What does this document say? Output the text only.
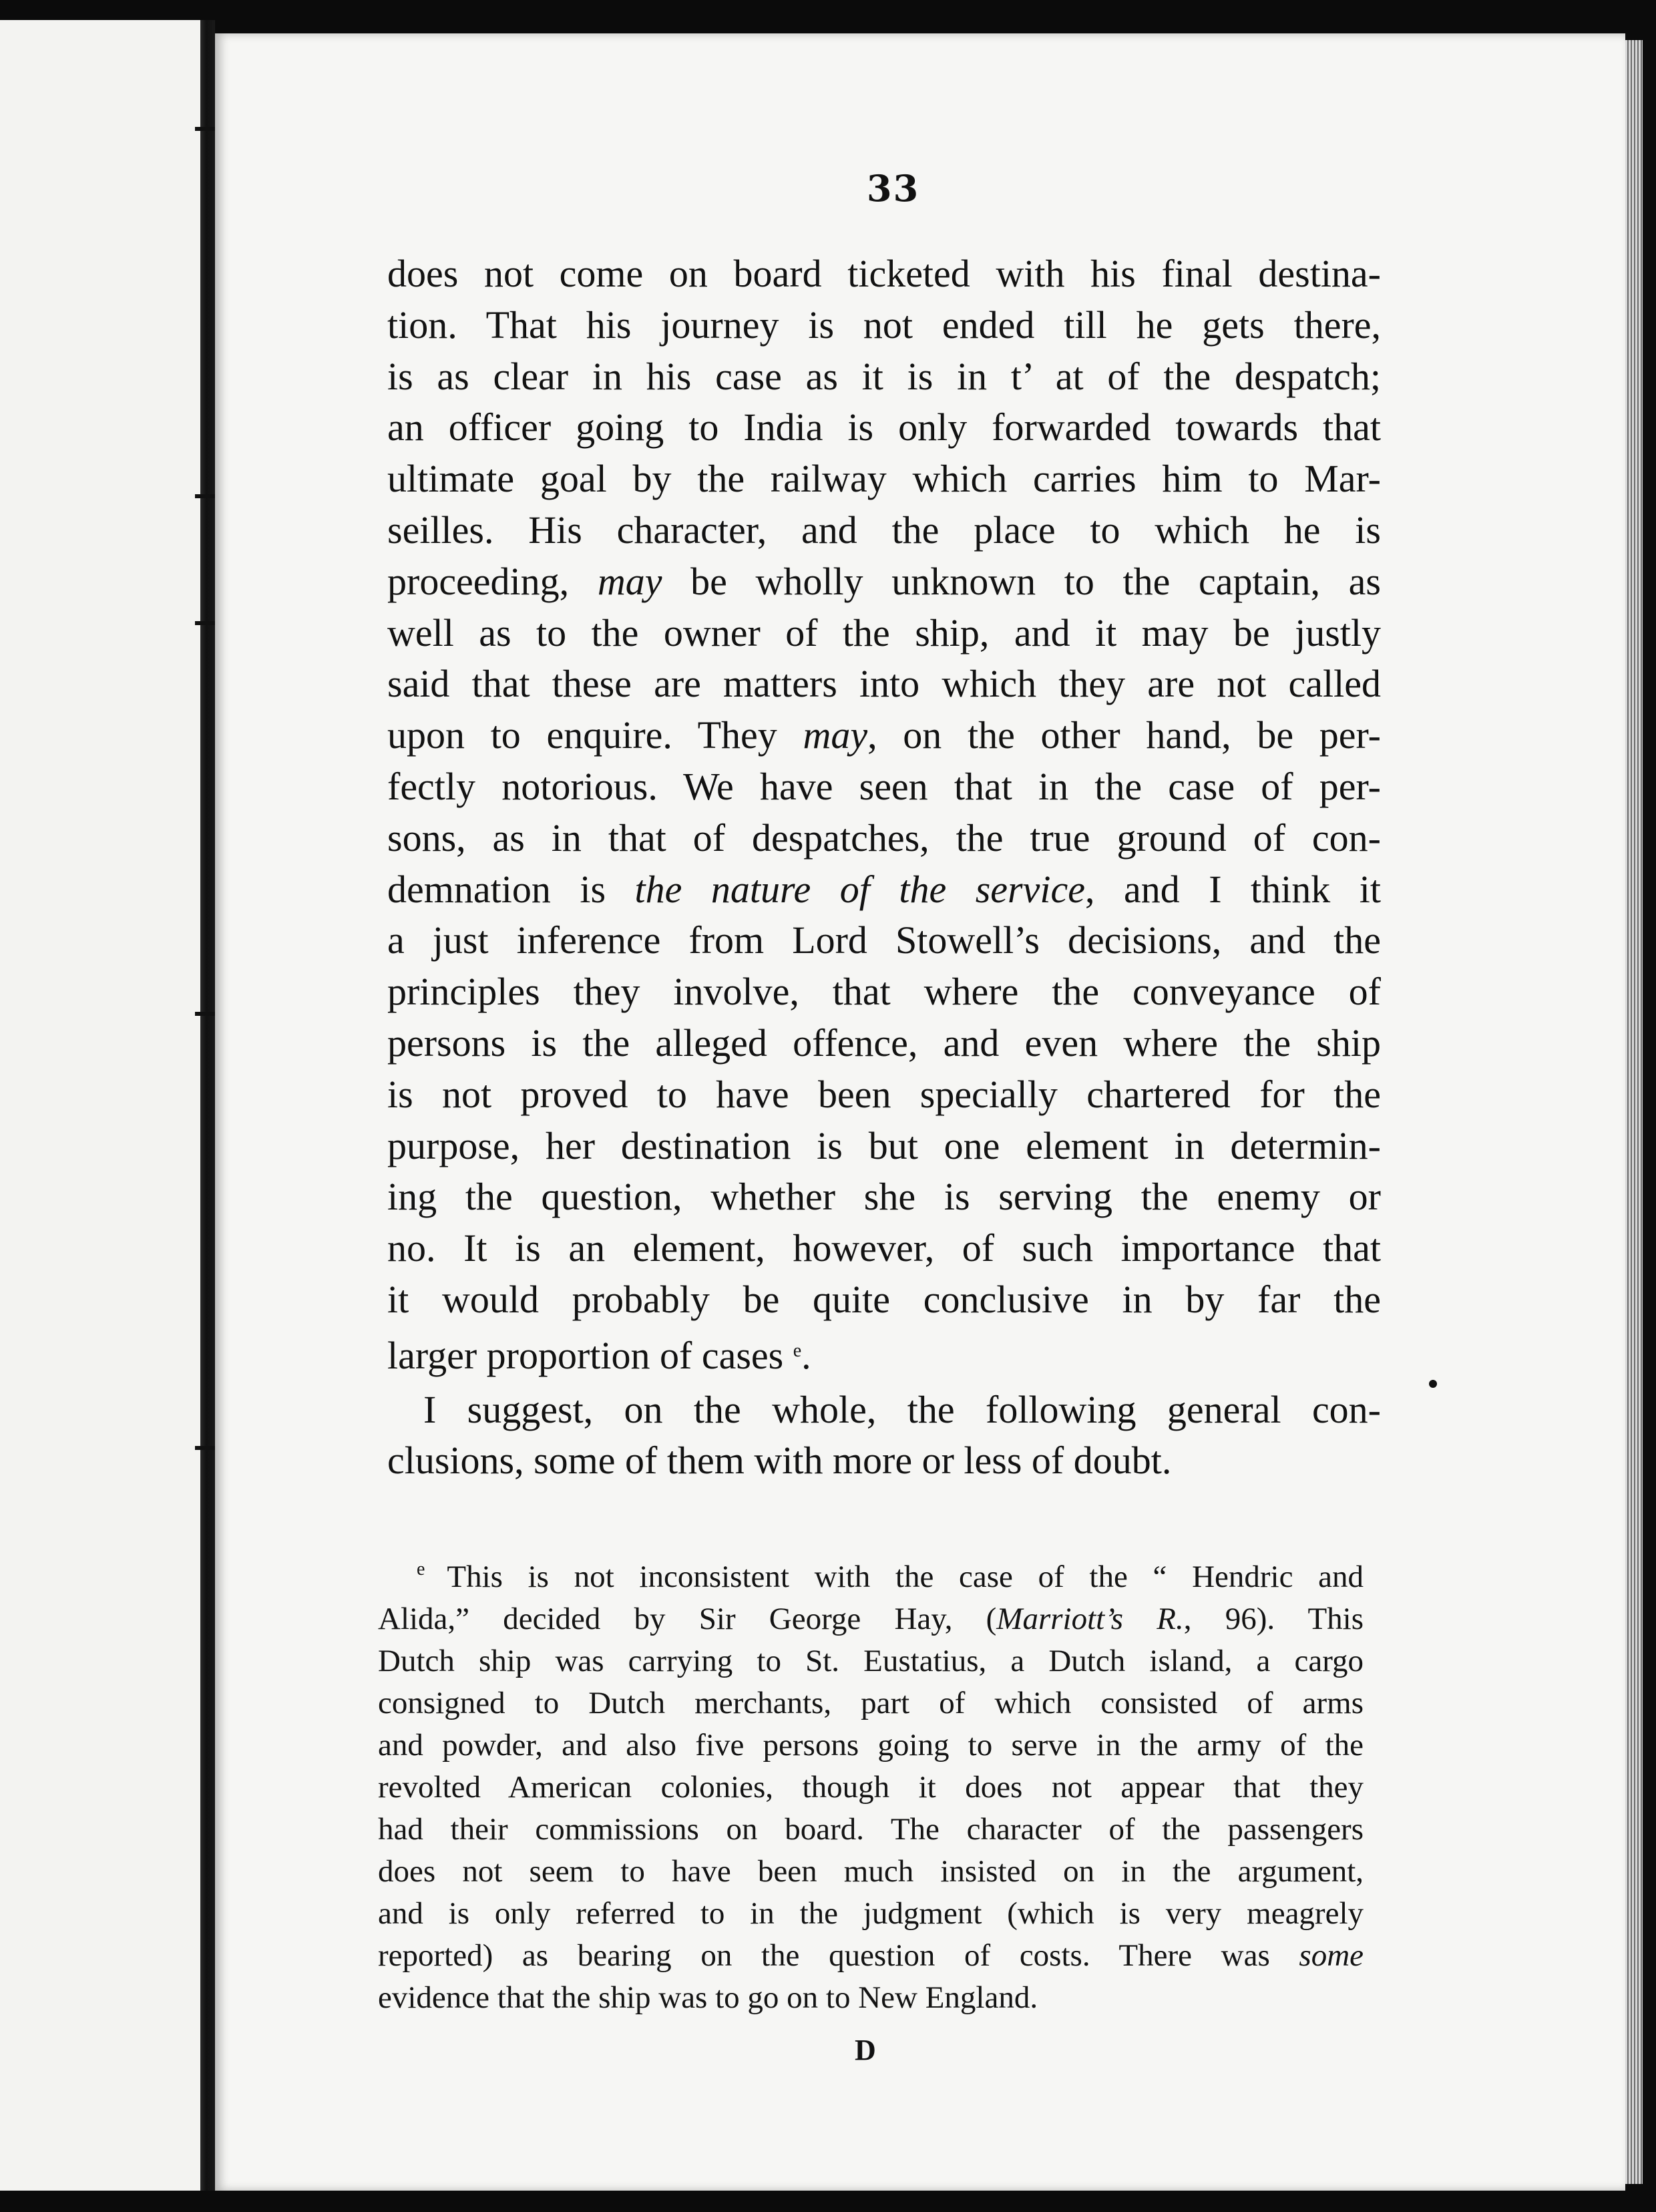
33
does not come on board ticketed with his final destina-
tion. That his journey is not ended till he gets there,
is as clear in his case as it is in t’ at of the despatch;
an officer going to India is only forwarded towards that
ultimate goal by the railway which carries him to Mar-
seilles. His character, and the place to which he is
proceeding, may be wholly unknown to the captain, as
well as to the owner of the ship, and it may be justly
said that these are matters into which they are not called
upon to enquire. They may, on the other hand, be per-
fectly notorious. We have seen that in the case of per-
sons, as in that of despatches, the true ground of con-
demnation is the nature of the service, and I think it
a just inference from Lord Stowell’s decisions, and the
principles they involve, that where the conveyance of
persons is the alleged offence, and even where the ship
is not proved to have been specially chartered for the
purpose, her destination is but one element in determin-
ing the question, whether she is serving the enemy or
no. It is an element, however, of such importance that
it would probably be quite conclusive in by far the
larger proportion of cases $^e$.
I suggest, on the whole, the following general con-
clusions, some of them with more or less of doubt.
$^e$ This is not inconsistent with the case of the “ Hendric and
Alida,” decided by Sir George Hay, (Marriott’s R., 96). This
Dutch ship was carrying to St. Eustatius, a Dutch island, a cargo
consigned to Dutch merchants, part of which consisted of arms
and powder, and also five persons going to serve in the army of the
revolted American colonies, though it does not appear that they
had their commissions on board. The character of the passengers
does not seem to have been much insisted on in the argument,
and is only referred to in the judgment (which is very meagrely
reported) as bearing on the question of costs. There was some
evidence that the ship was to go on to New England.
D
